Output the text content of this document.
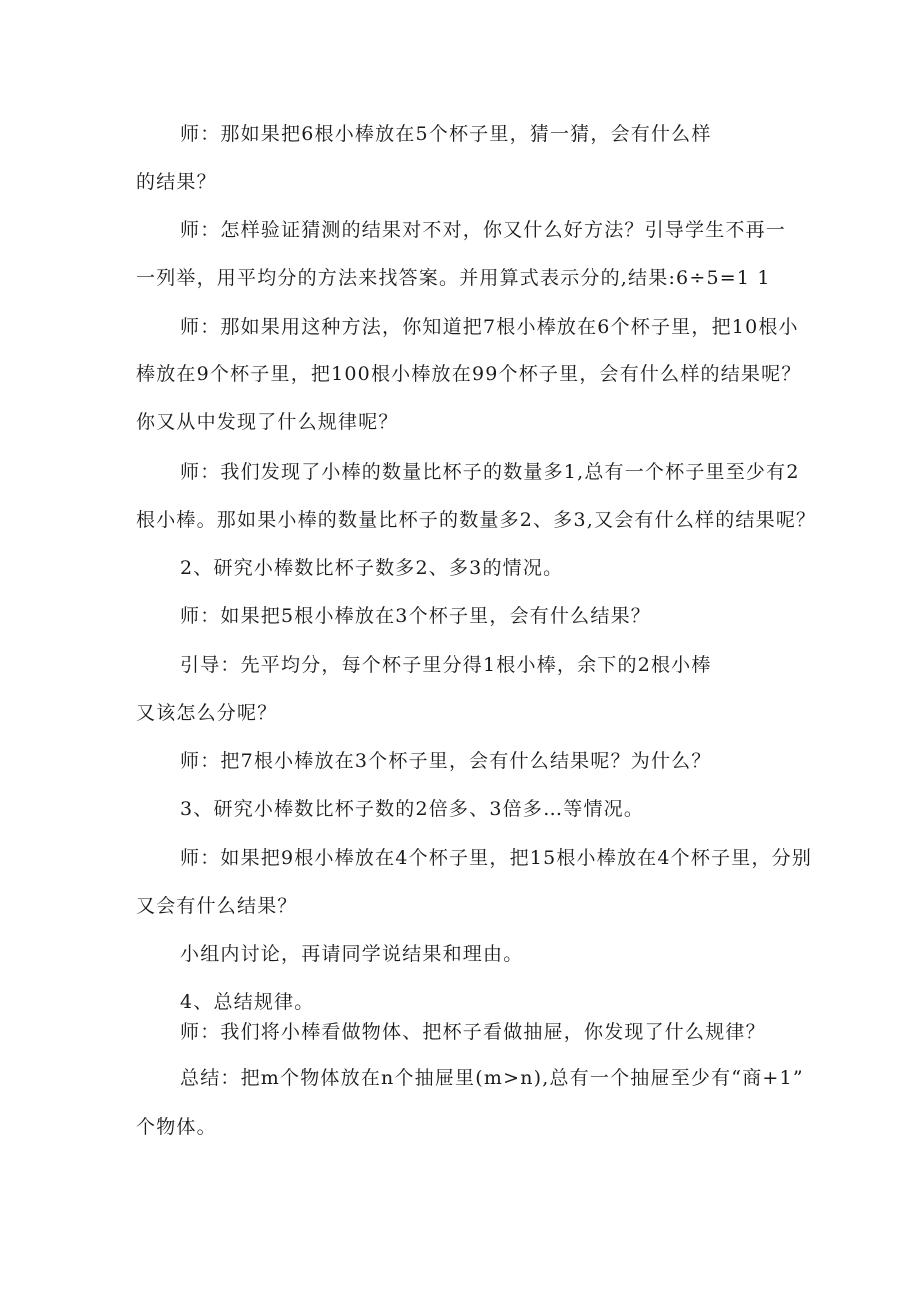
师：那如果把6根小棒放在5个杯子里，猜一猜，会有什么样
的结果？
师：怎样验证猜测的结果对不对，你又什么好方法？引导学生不再一
一列举，用平均分的方法来找答案。并用算式表示分的,结果:6÷5=1 1
师：那如果用这种方法，你知道把7根小棒放在6个杯子里，把10根小
棒放在9个杯子里，把100根小棒放在99个杯子里，会有什么样的结果呢？
你又从中发现了什么规律呢？
师：我们发现了小棒的数量比杯子的数量多1,总有一个杯子里至少有2
根小棒。那如果小棒的数量比杯子的数量多2、多3,又会有什么样的结果呢？
2、研究小棒数比杯子数多2、多3的情况。
师：如果把5根小棒放在3个杯子里，会有什么结果？
引导：先平均分，每个杯子里分得1根小棒，余下的2根小棒
又该怎么分呢？
师：把7根小棒放在3个杯子里，会有什么结果呢？为什么？
3、研究小棒数比杯子数的2倍多、3倍多…等情况。
师：如果把9根小棒放在4个杯子里，把15根小棒放在4个杯子里，分别
又会有什么结果？
小组内讨论，再请同学说结果和理由。
4、总结规律。
师：我们将小棒看做物体、把杯子看做抽屉，你发现了什么规律？
总结：把m个物体放在n个抽屉里(m>n),总有一个抽屉至少有“商+1”
个物体。
